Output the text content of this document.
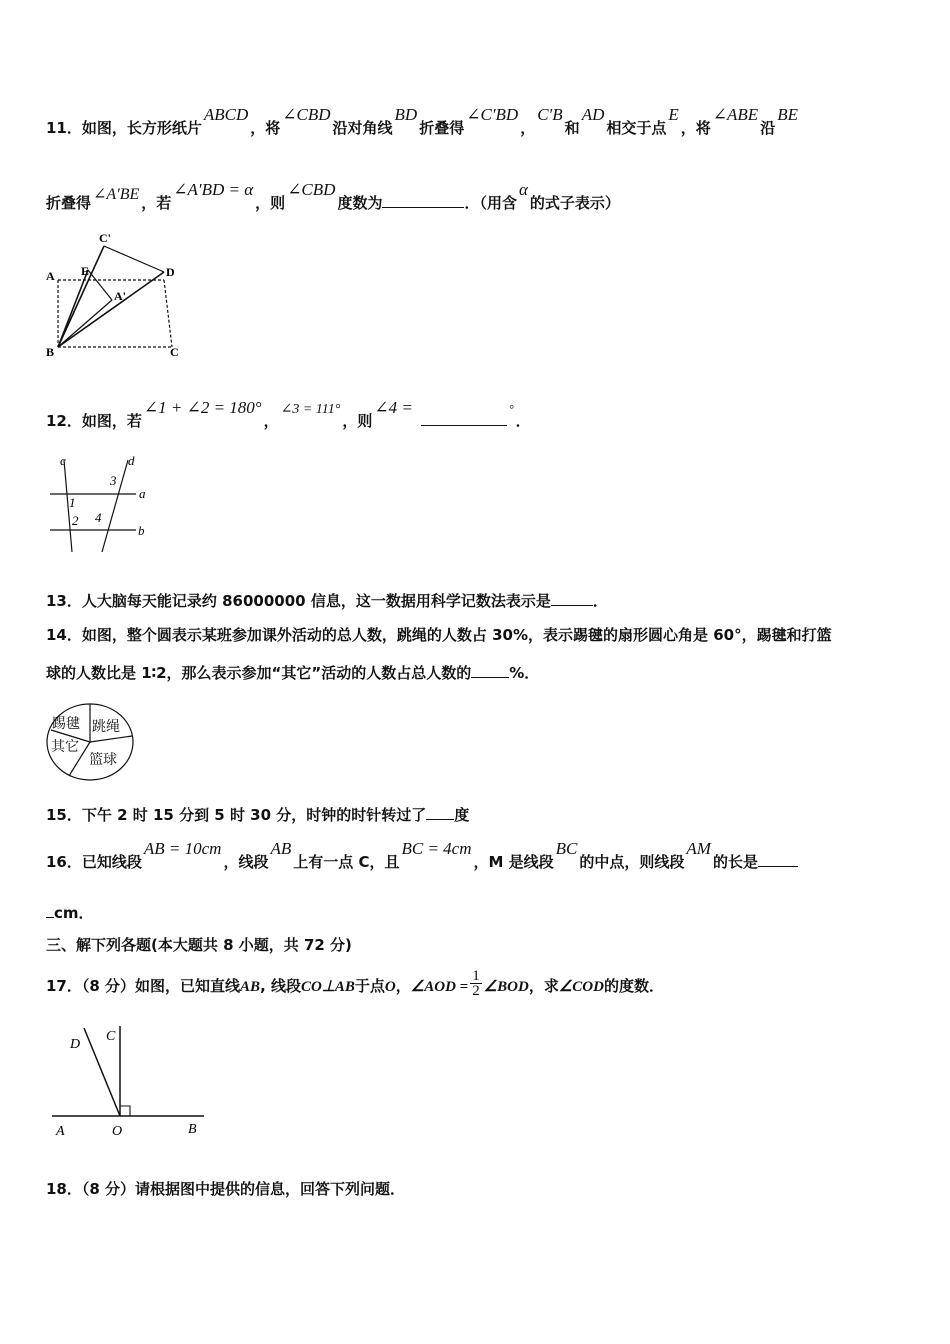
11．如图，长方形纸片ABCD，将∠CBD沿对角线BD折叠得∠C′BD，C′B和AD相交于点E，将∠ABE沿BE
折叠得 ∠A′BE ，若∠A′BD = α，则∠CBD度数为	．（用含α的式子表示）
C'
A E	D
A'
B	C
12．如图，若∠1 + ∠2 = 180°，∠3 = 111°，则∠4 =	°．
c	d
3
a
1
2 4
b
13．人大脑每天能记录约 86000000 信息，这一数据用科学记数法表示是	．
14．如图，整个圆表示某班参加课外活动的总人数，跳绳的人数占 30%，表示踢毽的扇形圆心角是 60°，踢毽和打篮
球的人数比是 1∶2，那么表示参加“其它”活动的人数占总人数的	%．
踢毽 跳绳
其它
篮球
15．下午 2 时 15 分到 5 时 30 分，时钟的时针转过了 度
16．已知线段AB = 10cm，线段AB上有一点 C，且BC = 4cm，M 是线段BC的中点，则线段AM的长是
cm．
三、解下列各题(本大题共 8 小题，共 72 分)
17．（8 分）如图，已知直线AB, 线段CO⊥AB于点O，∠AOD = $\frac{1}{2}$ ∠BOD，求∠COD的度数．
D
C
A	O	B
18．（8 分）请根据图中提供的信息，回答下列问题．
